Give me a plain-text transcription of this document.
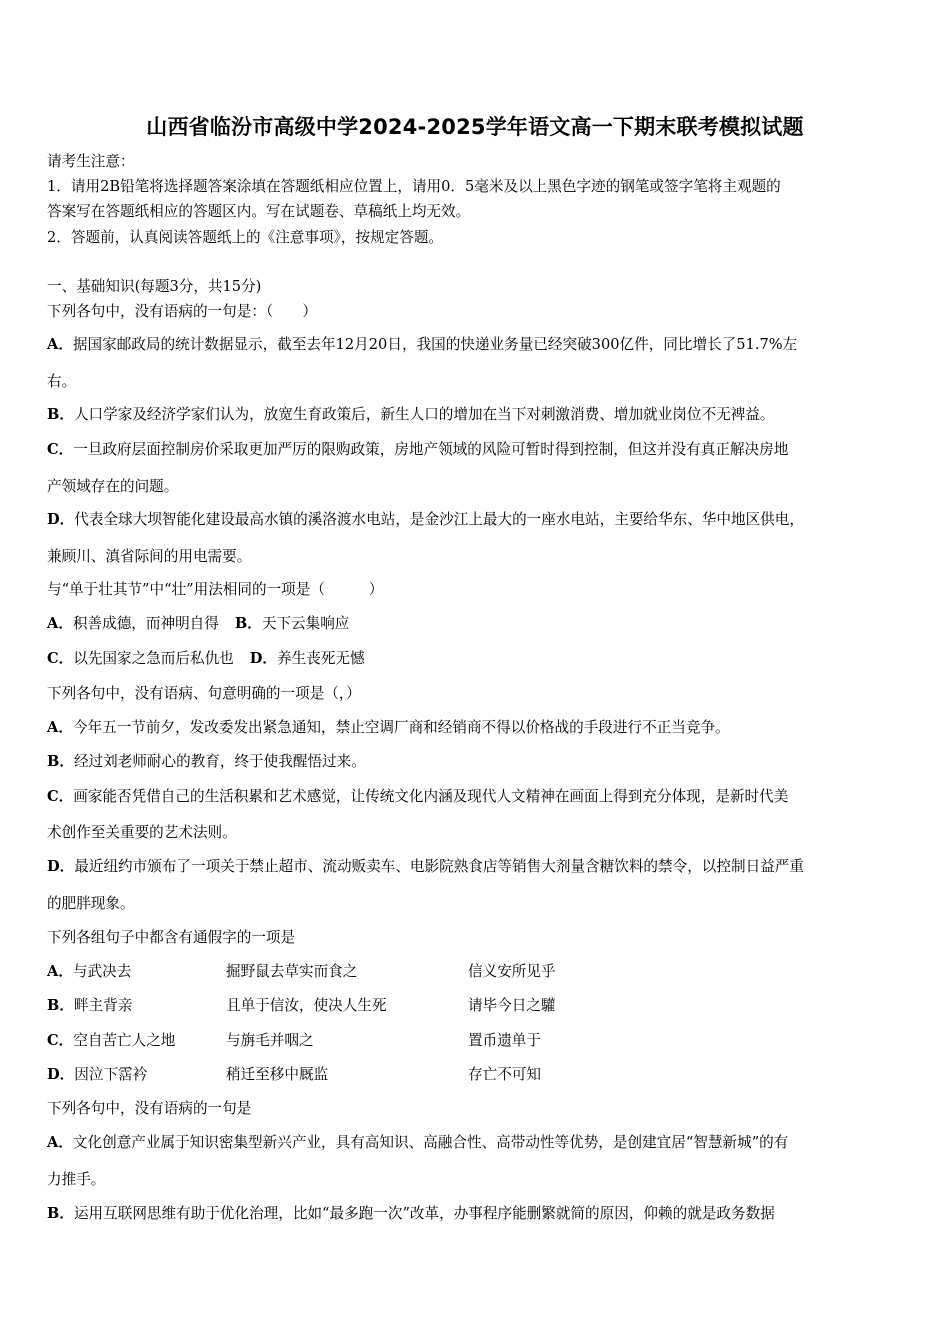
山西省临汾市高级中学2024-2025学年语文高一下期末联考模拟试题
请考生注意：
1．请用2B铅笔将选择题答案涂填在答题纸相应位置上，请用0．5毫米及以上黑色字迹的钢笔或签字笔将主观题的
答案写在答题纸相应的答题区内。写在试题卷、草稿纸上均无效。
2．答题前，认真阅读答题纸上的《注意事项》，按规定答题。
一、基础知识(每题3分，共15分)
下列各句中，没有语病的一句是：（　　）
A．据国家邮政局的统计数据显示，截至去年12月20日，我国的快递业务量已经突破300亿件，同比增长了51.7%左
右。
B．人口学家及经济学家们认为，放宽生育政策后，新生人口的增加在当下对刺激消费、增加就业岗位不无裨益。
C．一旦政府层面控制房价采取更加严厉的限购政策，房地产领域的风险可暂时得到控制，但这并没有真正解决房地
产领域存在的问题。
D．代表全球大坝智能化建设最高水镇的溪洛渡水电站，是金沙江上最大的一座水电站，主要给华东、华中地区供电，
兼顾川、滇省际间的用电需要。
与“单于壮其节”中“壮”用法相同的一项是（　　　）
A．积善成德，而神明自得 B．天下云集响应
C．以先国家之急而后私仇也 D．养生丧死无憾
下列各句中，没有语病、句意明确的一项是（，）
A．今年五一节前夕，发改委发出紧急通知，禁止空调厂商和经销商不得以价格战的手段进行不正当竞争。
B．经过刘老师耐心的教育，终于使我醒悟过来。
C．画家能否凭借自己的生活积累和艺术感觉，让传统文化内涵及现代人文精神在画面上得到充分体现，是新时代美
术创作至关重要的艺术法则。
D．最近纽约市颁布了一项关于禁止超市、流动贩卖车、电影院熟食店等销售大剂量含糖饮料的禁令，以控制日益严重
的肥胖现象。
下列各组句子中都含有通假字的一项是
A．与武决去	掘野鼠去草实而食之	信义安所见乎
B．畔主背亲	且单于信汝，使决人生死	请毕今日之驩
C．空自苦亡人之地	与旃毛并咽之	置币遗单于
D．因泣下霑衿	稍迁至移中厩监	存亡不可知
下列各句中，没有语病的一句是
A．文化创意产业属于知识密集型新兴产业，具有高知识、高融合性、高带动性等优势，是创建宜居“智慧新城”的有
力推手。
B．运用互联网思维有助于优化治理，比如“最多跑一次”改革，办事程序能删繁就简的原因，仰赖的就是政务数据
